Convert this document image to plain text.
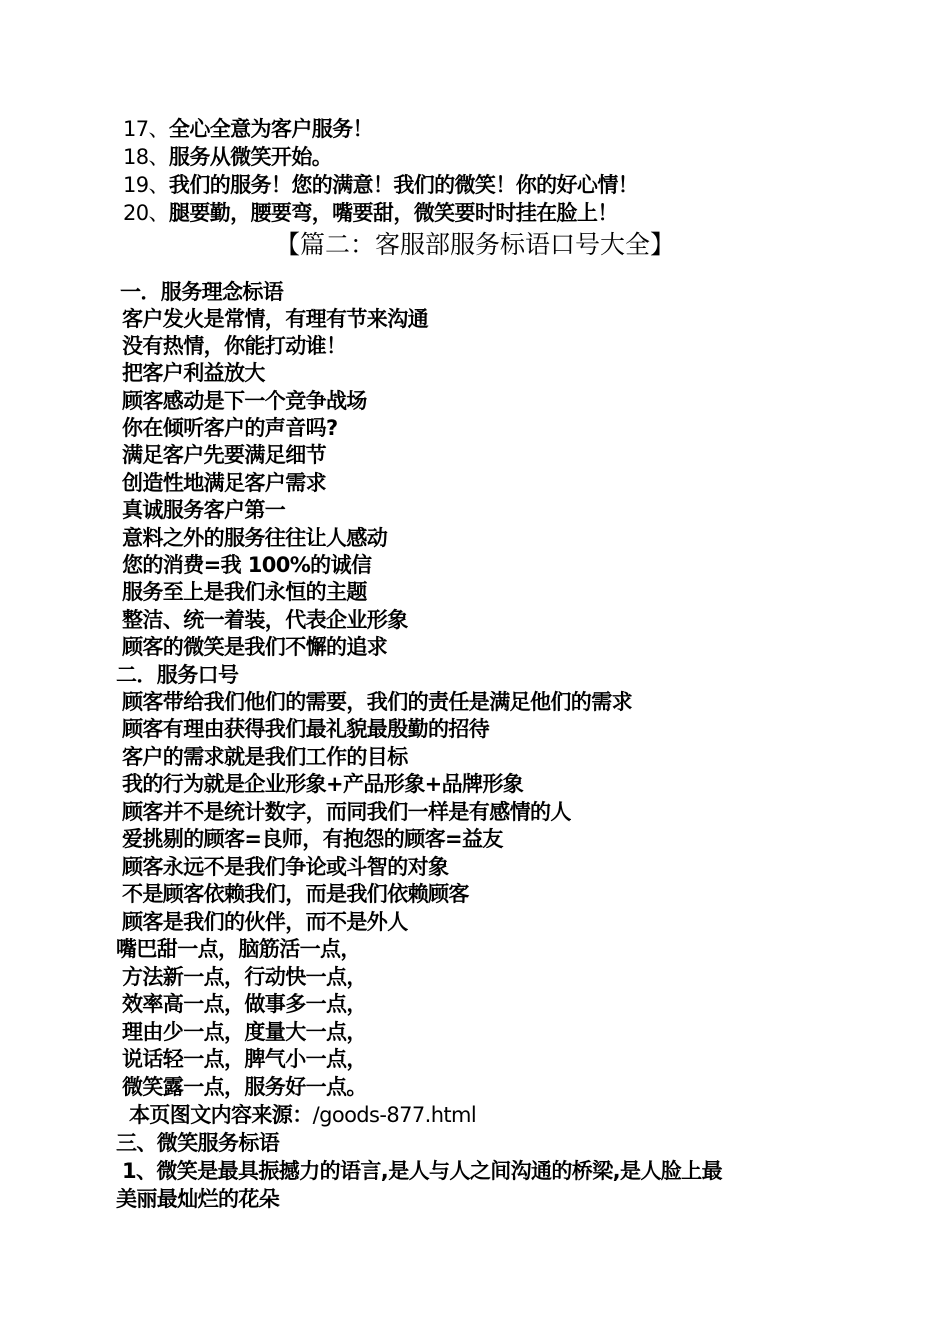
17、全心全意为客户服务！
18、服务从微笑开始。
19、我们的服务！您的满意！我们的微笑！你的好心情！
20、腿要勤，腰要弯，嘴要甜，微笑要时时挂在脸上！
【篇二：客服部服务标语口号大全】
一．服务理念标语
客户发火是常情，有理有节来沟通
没有热情，你能打动谁！
把客户利益放大
顾客感动是下一个竞争战场
你在倾听客户的声音吗?
满足客户先要满足细节
创造性地满足客户需求
真诚服务客户第一
意料之外的服务往往让人感动
您的消费=我 100%的诚信
服务至上是我们永恒的主题
整洁、统一着装，代表企业形象
顾客的微笑是我们不懈的追求
二．服务口号
顾客带给我们他们的需要，我们的责任是满足他们的需求
顾客有理由获得我们最礼貌最殷勤的招待
客户的需求就是我们工作的目标
我的行为就是企业形象+产品形象+品牌形象
顾客并不是统计数字，而同我们一样是有感情的人
爱挑剔的顾客=良师，有抱怨的顾客=益友
顾客永远不是我们争论或斗智的对象
不是顾客依赖我们，而是我们依赖顾客
顾客是我们的伙伴，而不是外人
嘴巴甜一点，脑筋活一点，
方法新一点，行动快一点，
效率高一点，做事多一点，
理由少一点，度量大一点，
说话轻一点，脾气小一点，
微笑露一点，服务好一点。
本页图文内容来源：/goods-877.html
三、微笑服务标语
1、微笑是最具振撼力的语言,是人与人之间沟通的桥梁,是人脸上最
美丽最灿烂的花朵
